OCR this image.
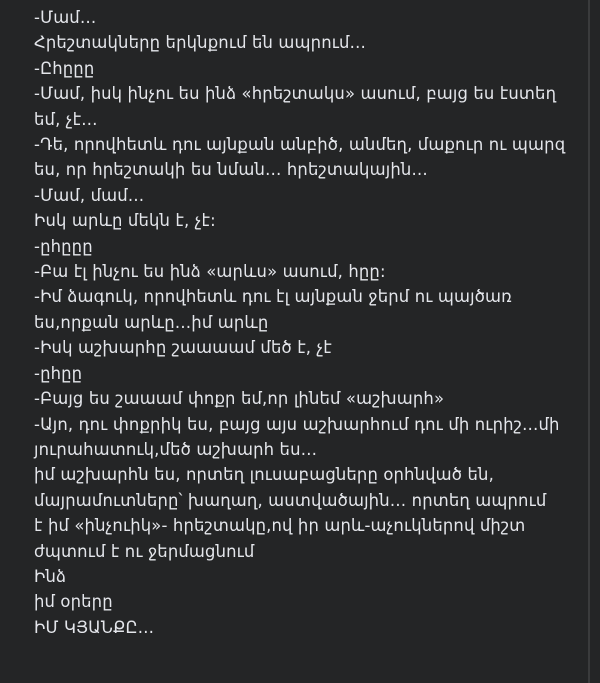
-Մամ…
Հրեշտակները երկնքում են ապրում…
-Ըհըըը
-Մամ, իսկ ինչու ես ինձ «հրեշտակս» ասում, բայց ես էստեղ
եմ, չէ…
-Դե, որովհետև դու այնքան անբիծ, անմեղ, մաքուր ու պարզ
ես, որ հրեշտակի ես նման… հրեշտակային…
-Մամ, մամ…
Իսկ արևը մեկն է, չէ:
-ըհըըը
-Բա էլ ինչու ես ինձ «արևս» ասում, հըը:
-Իմ ձագուկ, որովհետև դու էլ այնքան ջերմ ու պայծառ
ես,որքան արևը…իմ արևը
-Իսկ աշխարհը շաաաամ մեծ է, չէ
-ըհըը
-Բայց ես շաաամ փոքր եմ,որ լինեմ «աշխարհ»
-Այո, դու փոքրիկ ես, բայց այս աշխարհում դու մի ուրիշ…մի
յուրահատուկ,մեծ աշխարհ ես…
իմ աշխարհն ես, որտեղ լուսաբացները օրհնված են,
մայրամուտները՝ խաղաղ, աստվածային… որտեղ ապրում
է իմ «ինչուիկ»- հրեշտակը,ով իր արև-աչուկներով միշտ
ժպտում է ու ջերմացնում
Ինձ
իմ օրերը
ԻՄ ԿՅԱՆՔԸ…
